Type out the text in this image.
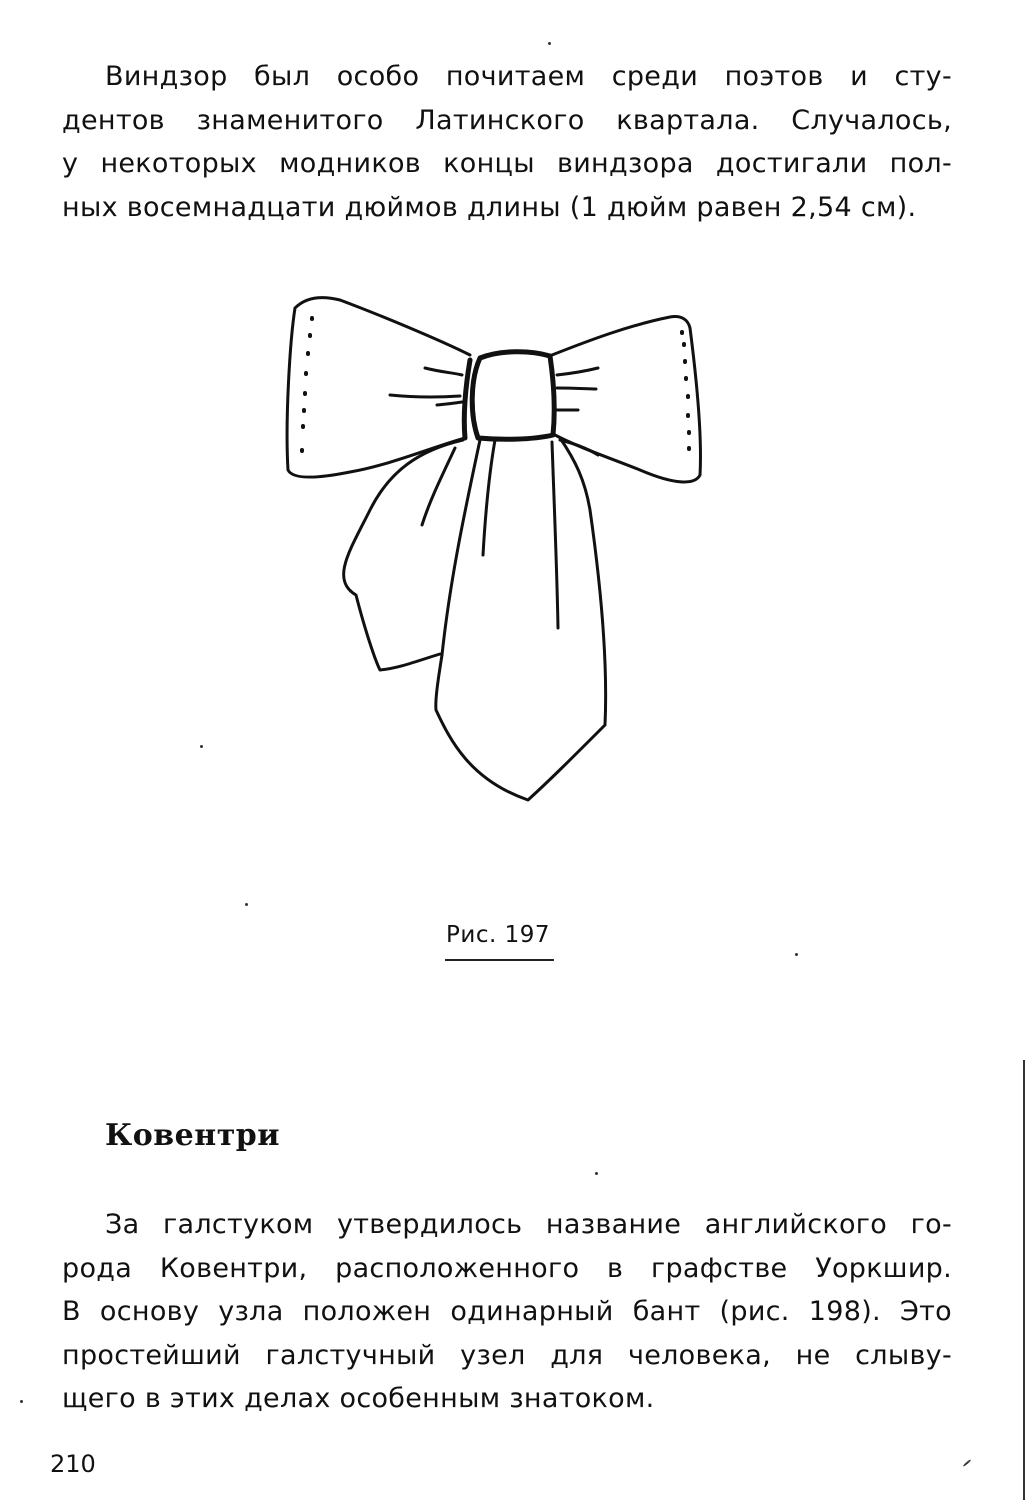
Виндзор был особо почитаем среди поэтов и сту-
дентов знаменитого Латинского квартала. Случалось,
у некоторых модников концы виндзора достигали пол-
ных восемнадцати дюймов длины (1 дюйм равен 2,54 см).
Рис. 197
Ковентри
За галстуком утвердилось название английского го-
рода Ковентри, расположенного в графстве Уоркшир.
В основу узла положен одинарный бант (рис. 198). Это
простейший галстучный узел для человека, не слыву-
щего в этих делах особенным знатоком.
210
